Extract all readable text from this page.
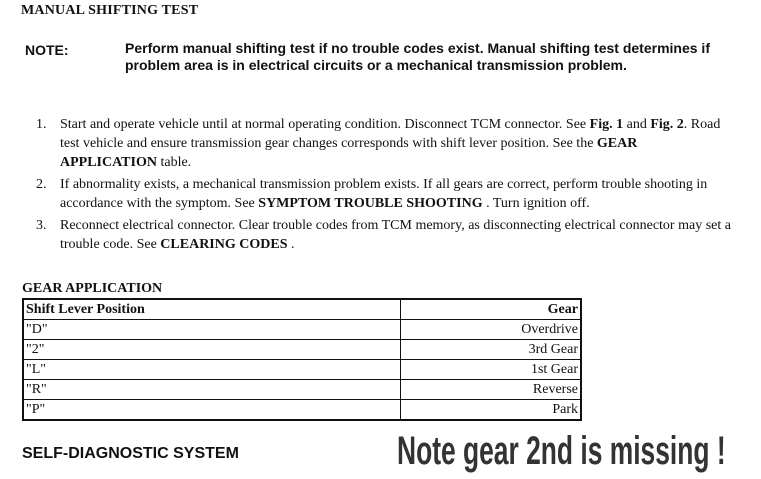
MANUAL SHIFTING TEST
NOTE:	Perform manual shifting test if no trouble codes exist. Manual shifting test determines if problem area is in electrical circuits or a mechanical transmission problem.
1. Start and operate vehicle until at normal operating condition. Disconnect TCM connector. See Fig. 1 and Fig. 2. Road test vehicle and ensure transmission gear changes corresponds with shift lever position. See the GEAR APPLICATION table.
2. If abnormality exists, a mechanical transmission problem exists. If all gears are correct, perform trouble shooting in accordance with the symptom. See SYMPTOM TROUBLE SHOOTING . Turn ignition off.
3. Reconnect electrical connector. Clear trouble codes from TCM memory, as disconnecting electrical connector may set a trouble code. See CLEARING CODES .
GEAR APPLICATION
Shift Lever Position	Gear
"D"	Overdrive
"2"	3rd Gear
"L"	1st Gear
"R"	Reverse
"P"	Park
SELF-DIAGNOSTIC SYSTEM	Note gear 2nd is missing !
